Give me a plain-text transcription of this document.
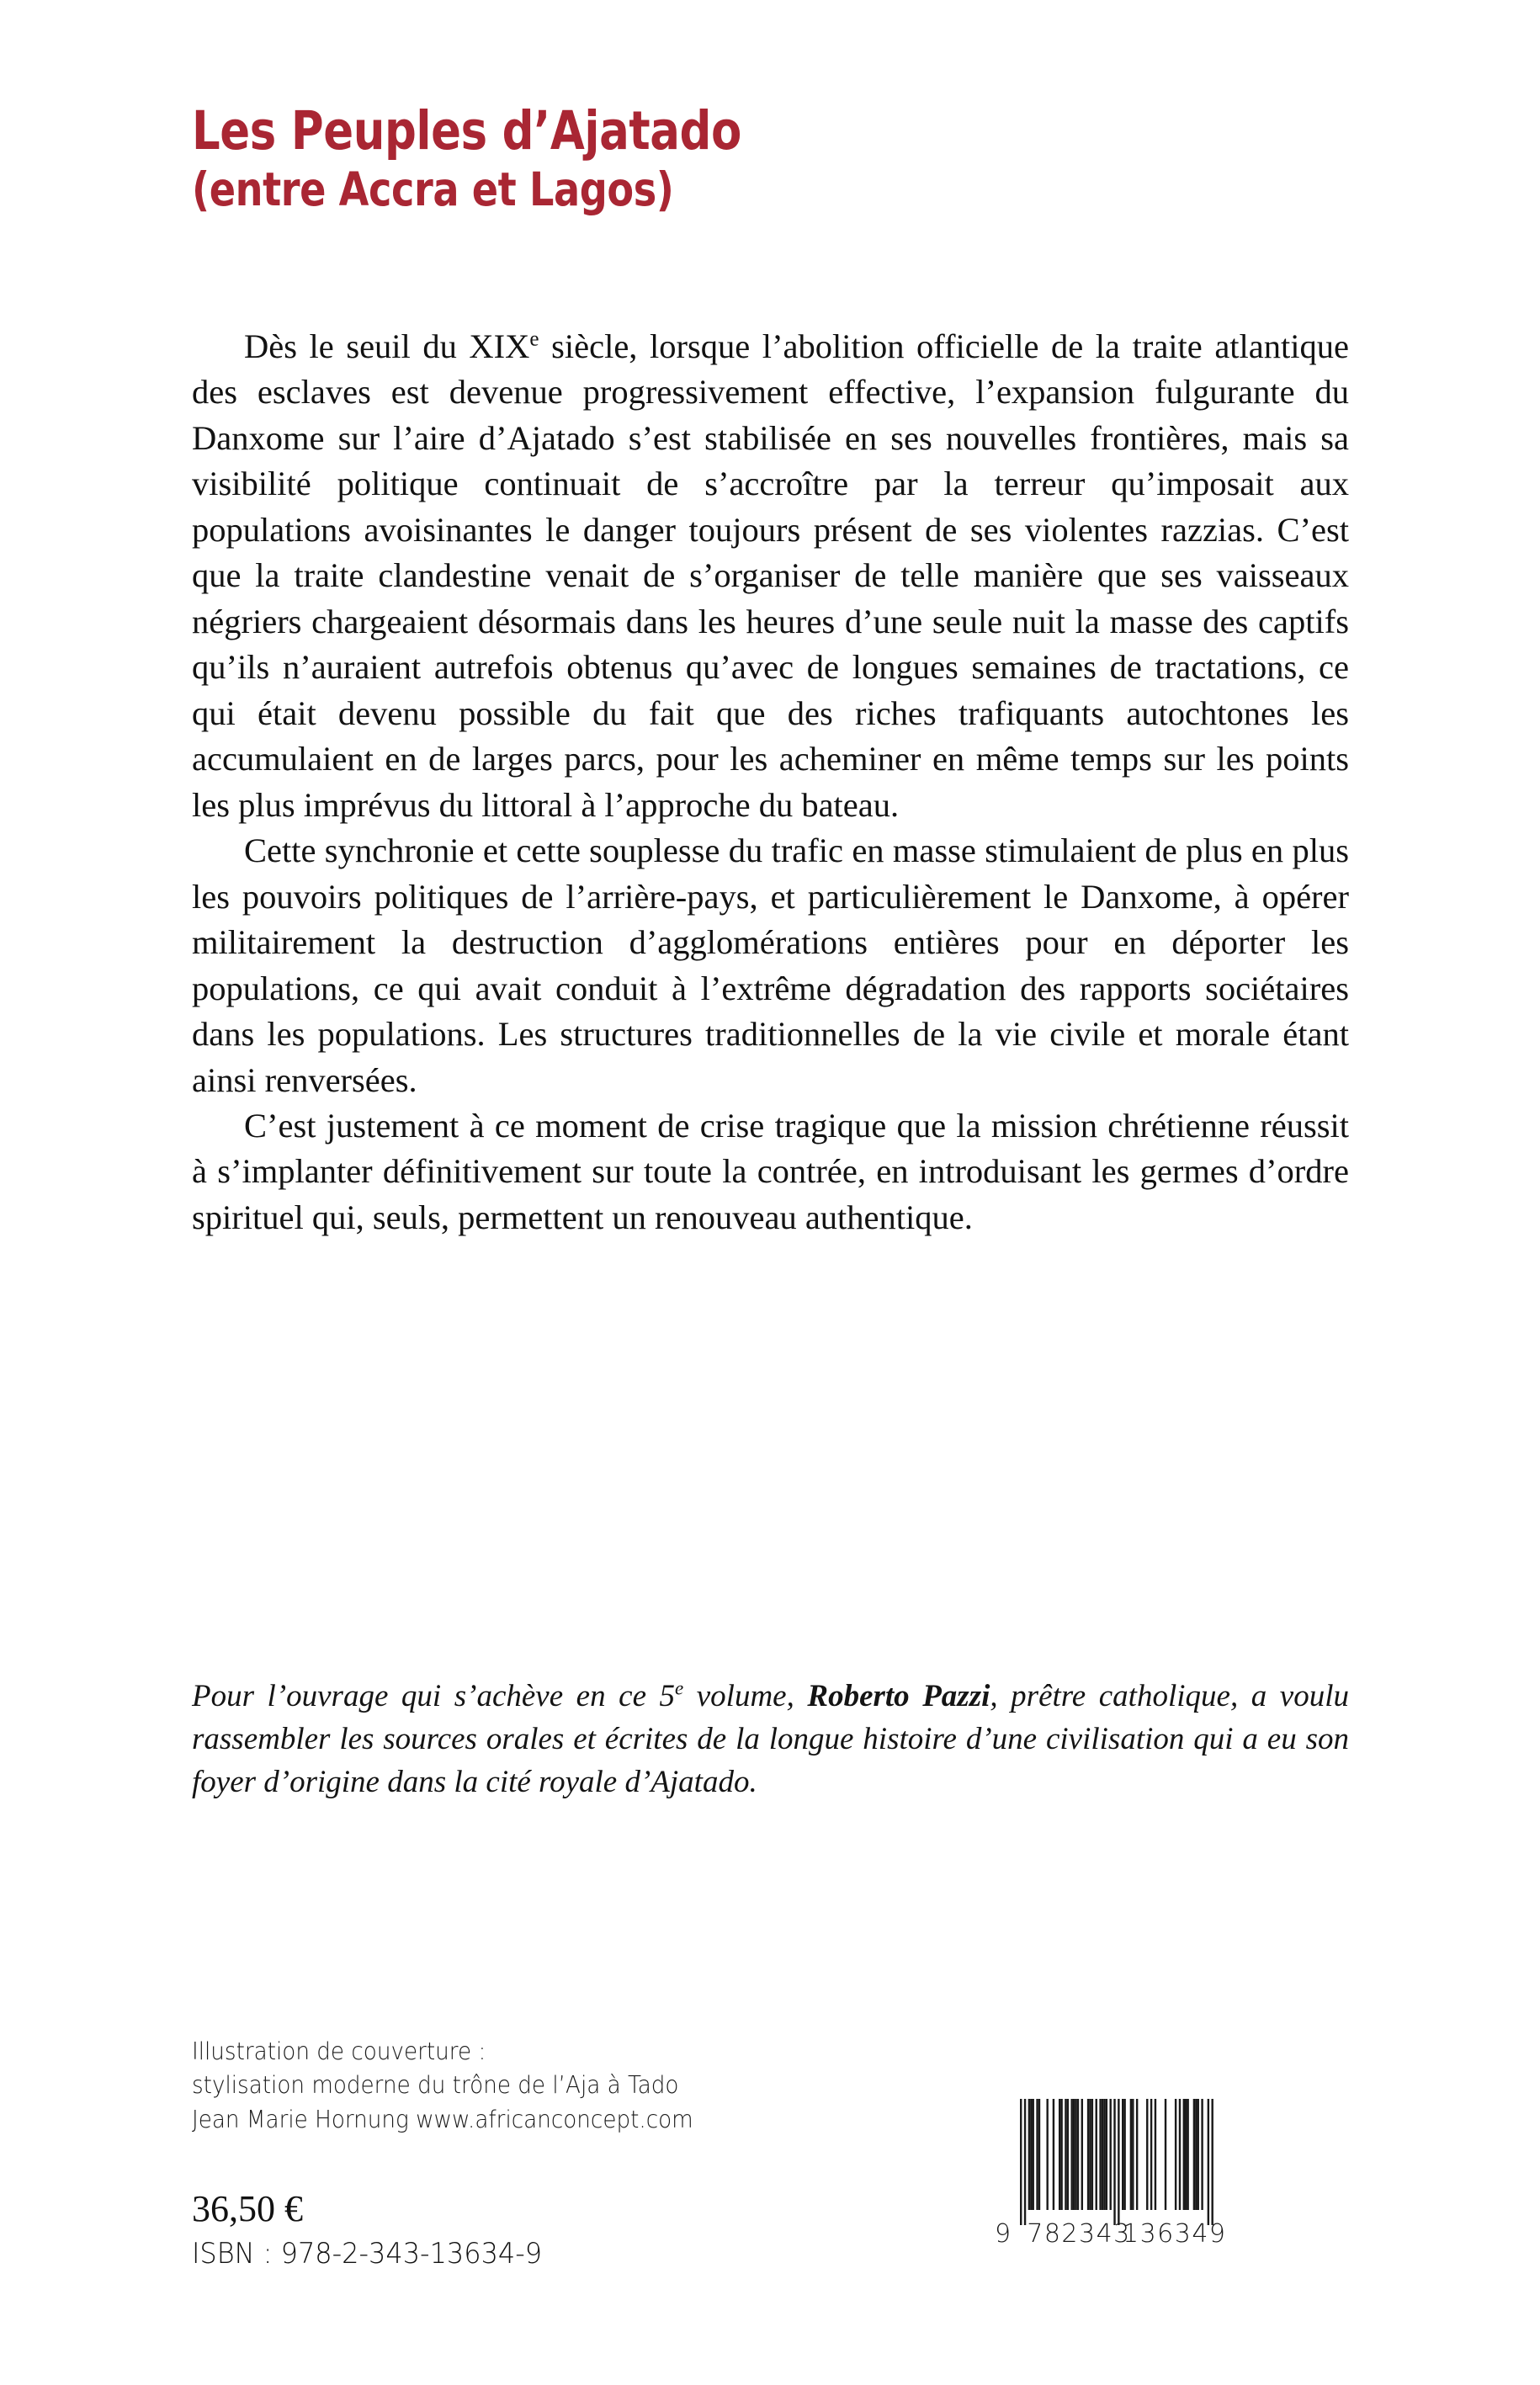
Les Peuples d’Ajatado
(entre Accra et Lagos)

Dès le seuil du XIXe siècle, lorsque l’abolition officielle de la traite atlantique des esclaves est devenue progressivement effective, l’expansion fulgurante du Danxome sur l’aire d’Ajatado s’est stabilisée en ses nouvelles frontières, mais sa visibilité politique continuait de s’accroître par la terreur qu’imposait aux populations avoisinantes le danger toujours présent de ses violentes razzias. C’est que la traite clandestine venait de s’organiser de telle manière que ses vaisseaux négriers chargeaient désormais dans les heures d’une seule nuit la masse des captifs qu’ils n’auraient autrefois obtenus qu’avec de longues semaines de tractations, ce qui était devenu possible du fait que des riches trafiquants autochtones les accumulaient en de larges parcs, pour les acheminer en même temps sur les points les plus imprévus du littoral à l’approche du bateau.

Cette synchronie et cette souplesse du trafic en masse stimulaient de plus en plus les pouvoirs politiques de l’arrière-pays, et particulièrement le Danxome, à opérer militairement la destruction d’agglomérations entières pour en déporter les populations, ce qui avait conduit à l’extrême dégradation des rapports sociétaires dans les populations. Les structures traditionnelles de la vie civile et morale étant ainsi renversées.

C’est justement à ce moment de crise tragique que la mission chrétienne réussit à s’implanter définitivement sur toute la contrée, en introduisant les germes d’ordre spirituel qui, seuls, permettent un renouveau authentique.

Pour l’ouvrage qui s’achève en ce 5e volume, Roberto Pazzi, prêtre catholique, a voulu rassembler les sources orales et écrites de la longue histoire d’une civilisation qui a eu son foyer d’origine dans la cité royale d’Ajatado.

Illustration de couverture :
stylisation moderne du trône de l’Aja à Tado
Jean Marie Hornung www.africanconcept.com
36,50 €
ISBN : 978-2-343-13634-9
9 782343
136349
